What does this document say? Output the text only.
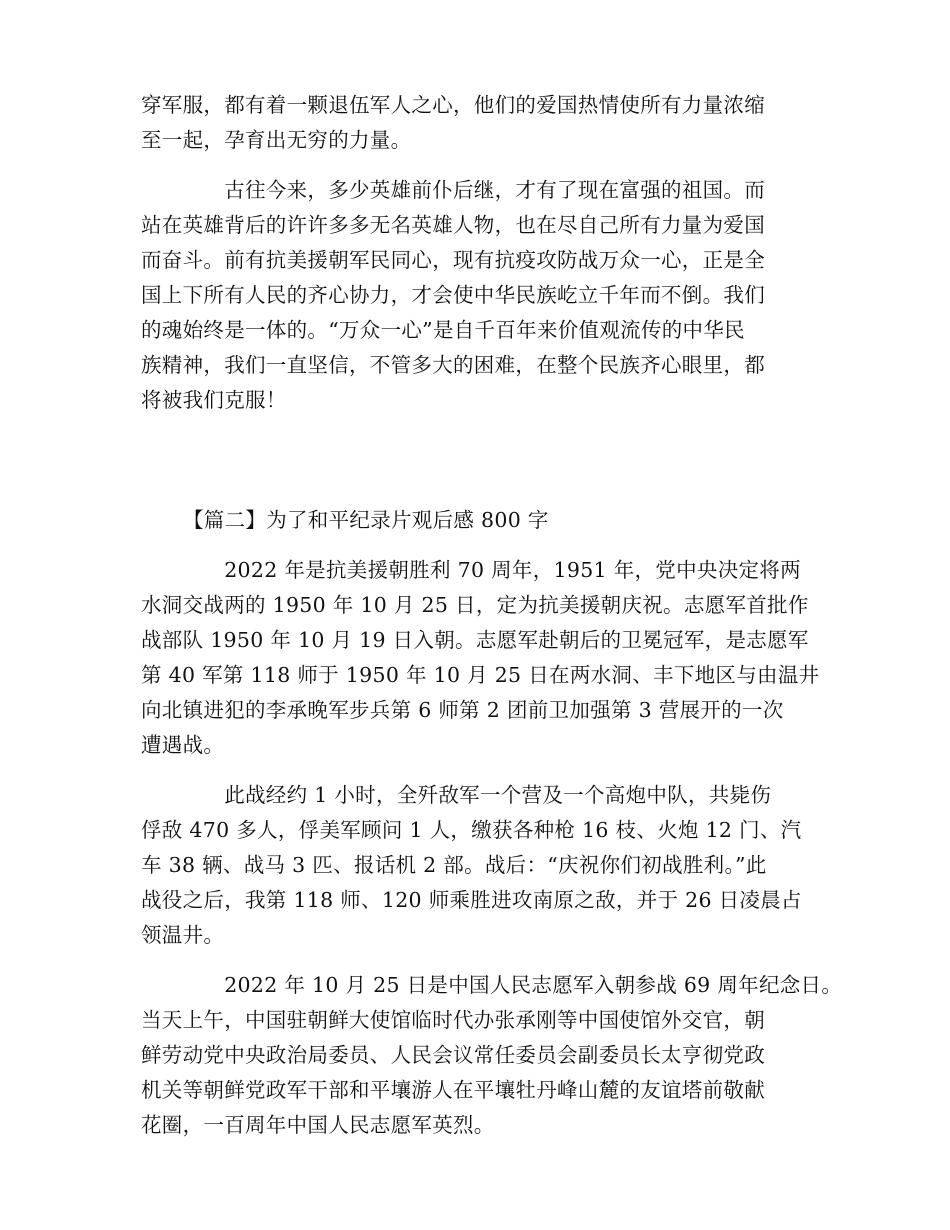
穿军服，都有着一颗退伍军人之心，他们的爱国热情使所有力量浓缩
至一起，孕育出无穷的力量。

　　　　古往今来，多少英雄前仆后继，才有了现在富强的祖国。而
站在英雄背后的许许多多无名英雄人物，也在尽自己所有力量为爱国
而奋斗。前有抗美援朝军民同心，现有抗疫攻防战万众一心，正是全
国上下所有人民的齐心协力，才会使中华民族屹立千年而不倒。我们
的魂始终是一体的。“万众一心”是自千百年来价值观流传的中华民
族精神，我们一直坚信，不管多大的困难，在整个民族齐心眼里，都
将被我们克服！

【篇二】为了和平纪录片观后感 800 字

　　　　2022 年是抗美援朝胜利 70 周年，1951 年，党中央决定将两
水洞交战两的 1950 年 10 月 25 日，定为抗美援朝庆祝。志愿军首批作
战部队 1950 年 10 月 19 日入朝。志愿军赴朝后的卫冕冠军，是志愿军
第 40 军第 118 师于 1950 年 10 月 25 日在两水洞、丰下地区与由温井
向北镇进犯的李承晚军步兵第 6 师第 2 团前卫加强第 3 营展开的一次
遭遇战。

　　　　此战经约 1 小时，全歼敌军一个营及一个高炮中队，共毙伤
俘敌 470 多人，俘美军顾问 1 人，缴获各种枪 16 枝、火炮 12 门、汽
车 38 辆、战马 3 匹、报话机 2 部。战后：“庆祝你们初战胜利。”此
战役之后，我第 118 师、120 师乘胜进攻南原之敌，并于 26 日凌晨占
领温井。

　　　　2022 年 10 月 25 日是中国人民志愿军入朝参战 69 周年纪念日。
当天上午，中国驻朝鲜大使馆临时代办张承刚等中国使馆外交官，朝
鲜劳动党中央政治局委员、人民会议常任委员会副委员长太亨彻党政
机关等朝鲜党政军干部和平壤游人在平壤牡丹峰山麓的友谊塔前敬献
花圈，一百周年中国人民志愿军英烈。
